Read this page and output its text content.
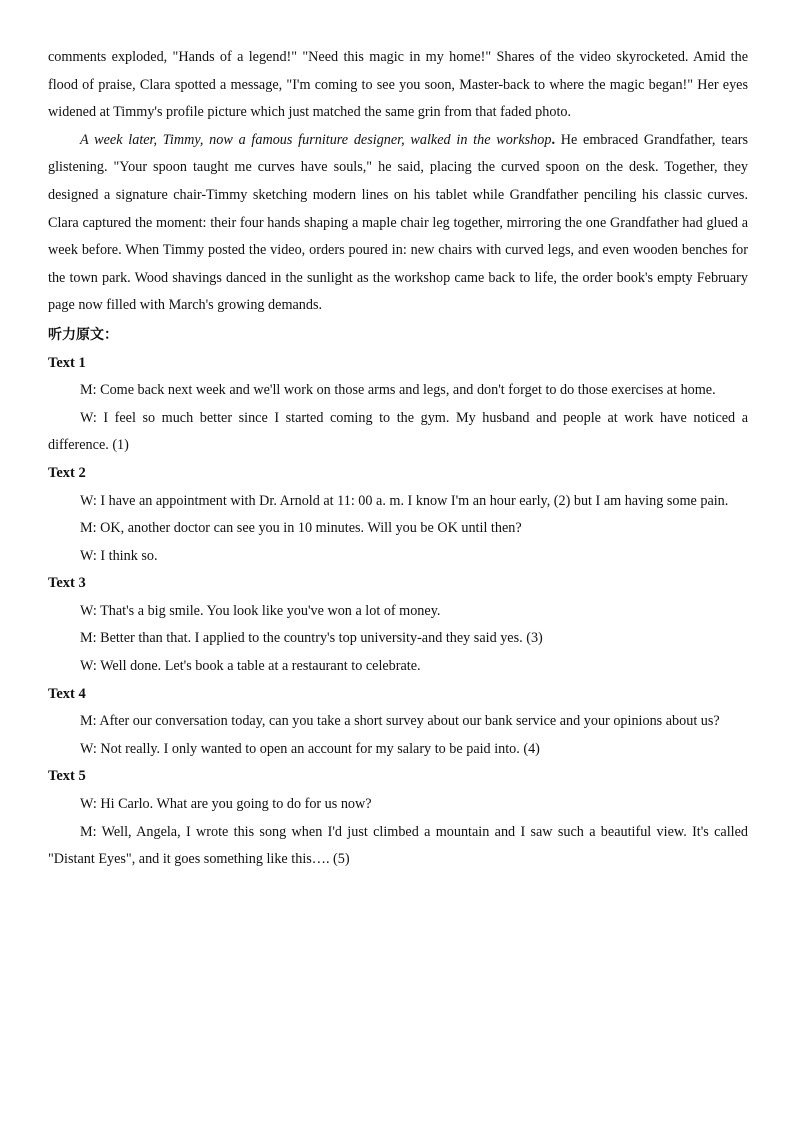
comments exploded, "Hands of a legend!" "Need this magic in my home!" Shares of the video skyrocketed. Amid the flood of praise, Clara spotted a message, "I'm coming to see you soon, Master-back to where the magic began!" Her eyes widened at Timmy's profile picture which just matched the same grin from that faded photo.

A week later, Timmy, now a famous furniture designer, walked in the workshop. He embraced Grandfather, tears glistening. "Your spoon taught me curves have souls," he said, placing the curved spoon on the desk. Together, they designed a signature chair-Timmy sketching modern lines on his tablet while Grandfather penciling his classic curves. Clara captured the moment: their four hands shaping a maple chair leg together, mirroring the one Grandfather had glued a week before. When Timmy posted the video, orders poured in: new chairs with curved legs, and even wooden benches for the town park. Wood shavings danced in the sunlight as the workshop came back to life, the order book's empty February page now filled with March's growing demands.

听力原文：
Text 1

M: Come back next week and we'll work on those arms and legs, and don't forget to do those exercises at home.

W: I feel so much better since I started coming to the gym. My husband and people at work have noticed a difference. (1)

Text 2

W: I have an appointment with Dr. Arnold at 11: 00 a. m. I know I'm an hour early, (2) but I am having some pain.

M: OK, another doctor can see you in 10 minutes. Will you be OK until then?

W: I think so.

Text 3

W: That's a big smile. You look like you've won a lot of money.

M: Better than that. I applied to the country's top university-and they said yes. (3)

W: Well done. Let's book a table at a restaurant to celebrate.

Text 4

M: After our conversation today, can you take a short survey about our bank service and your opinions about us?

W: Not really. I only wanted to open an account for my salary to be paid into. (4)

Text 5

W: Hi Carlo. What are you going to do for us now?

M: Well, Angela, I wrote this song when I'd just climbed a mountain and I saw such a beautiful view. It's called "Distant Eyes", and it goes something like this…. (5)
